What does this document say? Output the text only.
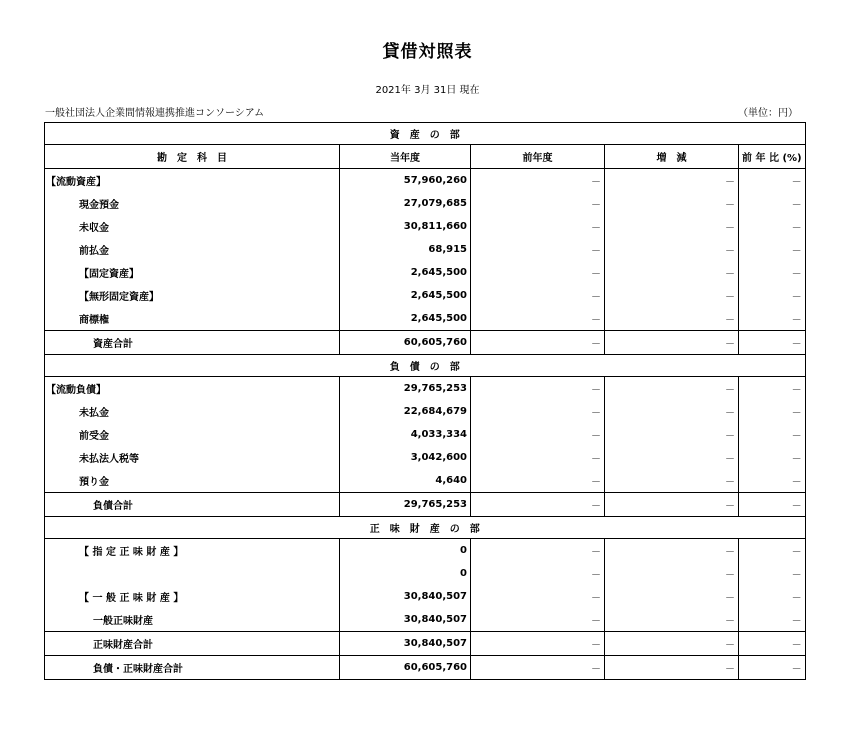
貸借対照表
2021年 3月 31日 現在
一般社団法人企業間情報連携推進コンソーシアム	（単位：円）
資　産　の　部				
勘　定　科　目	当年度	前年度	増　減	前 年 比 (%)
【流動資産】	57,960,260	－	－	－
現金預金	27,079,685	－	－	－
未収金	30,811,660	－	－	－
前払金	68,915	－	－	－
【固定資産】	2,645,500	－	－	－
【無形固定資産】	2,645,500	－	－	－
商標権	2,645,500	－	－	－
資産合計	60,605,760	－	－	－
負　債　の　部				
【流動負債】	29,765,253	－	－	－
未払金	22,684,679	－	－	－
前受金	4,033,334	－	－	－
未払法人税等	3,042,600	－	－	－
預り金	4,640	－	－	－
負債合計	29,765,253	－	－	－
正　味　財　産　の　部				
【 指 定 正 味 財 産 】	0	－	－	－
	0	－	－	－
【 一 般 正 味 財 産 】	30,840,507	－	－	－
一般正味財産	30,840,507	－	－	－
正味財産合計	30,840,507	－	－	－
負債・正味財産合計	60,605,760	－	－	－
